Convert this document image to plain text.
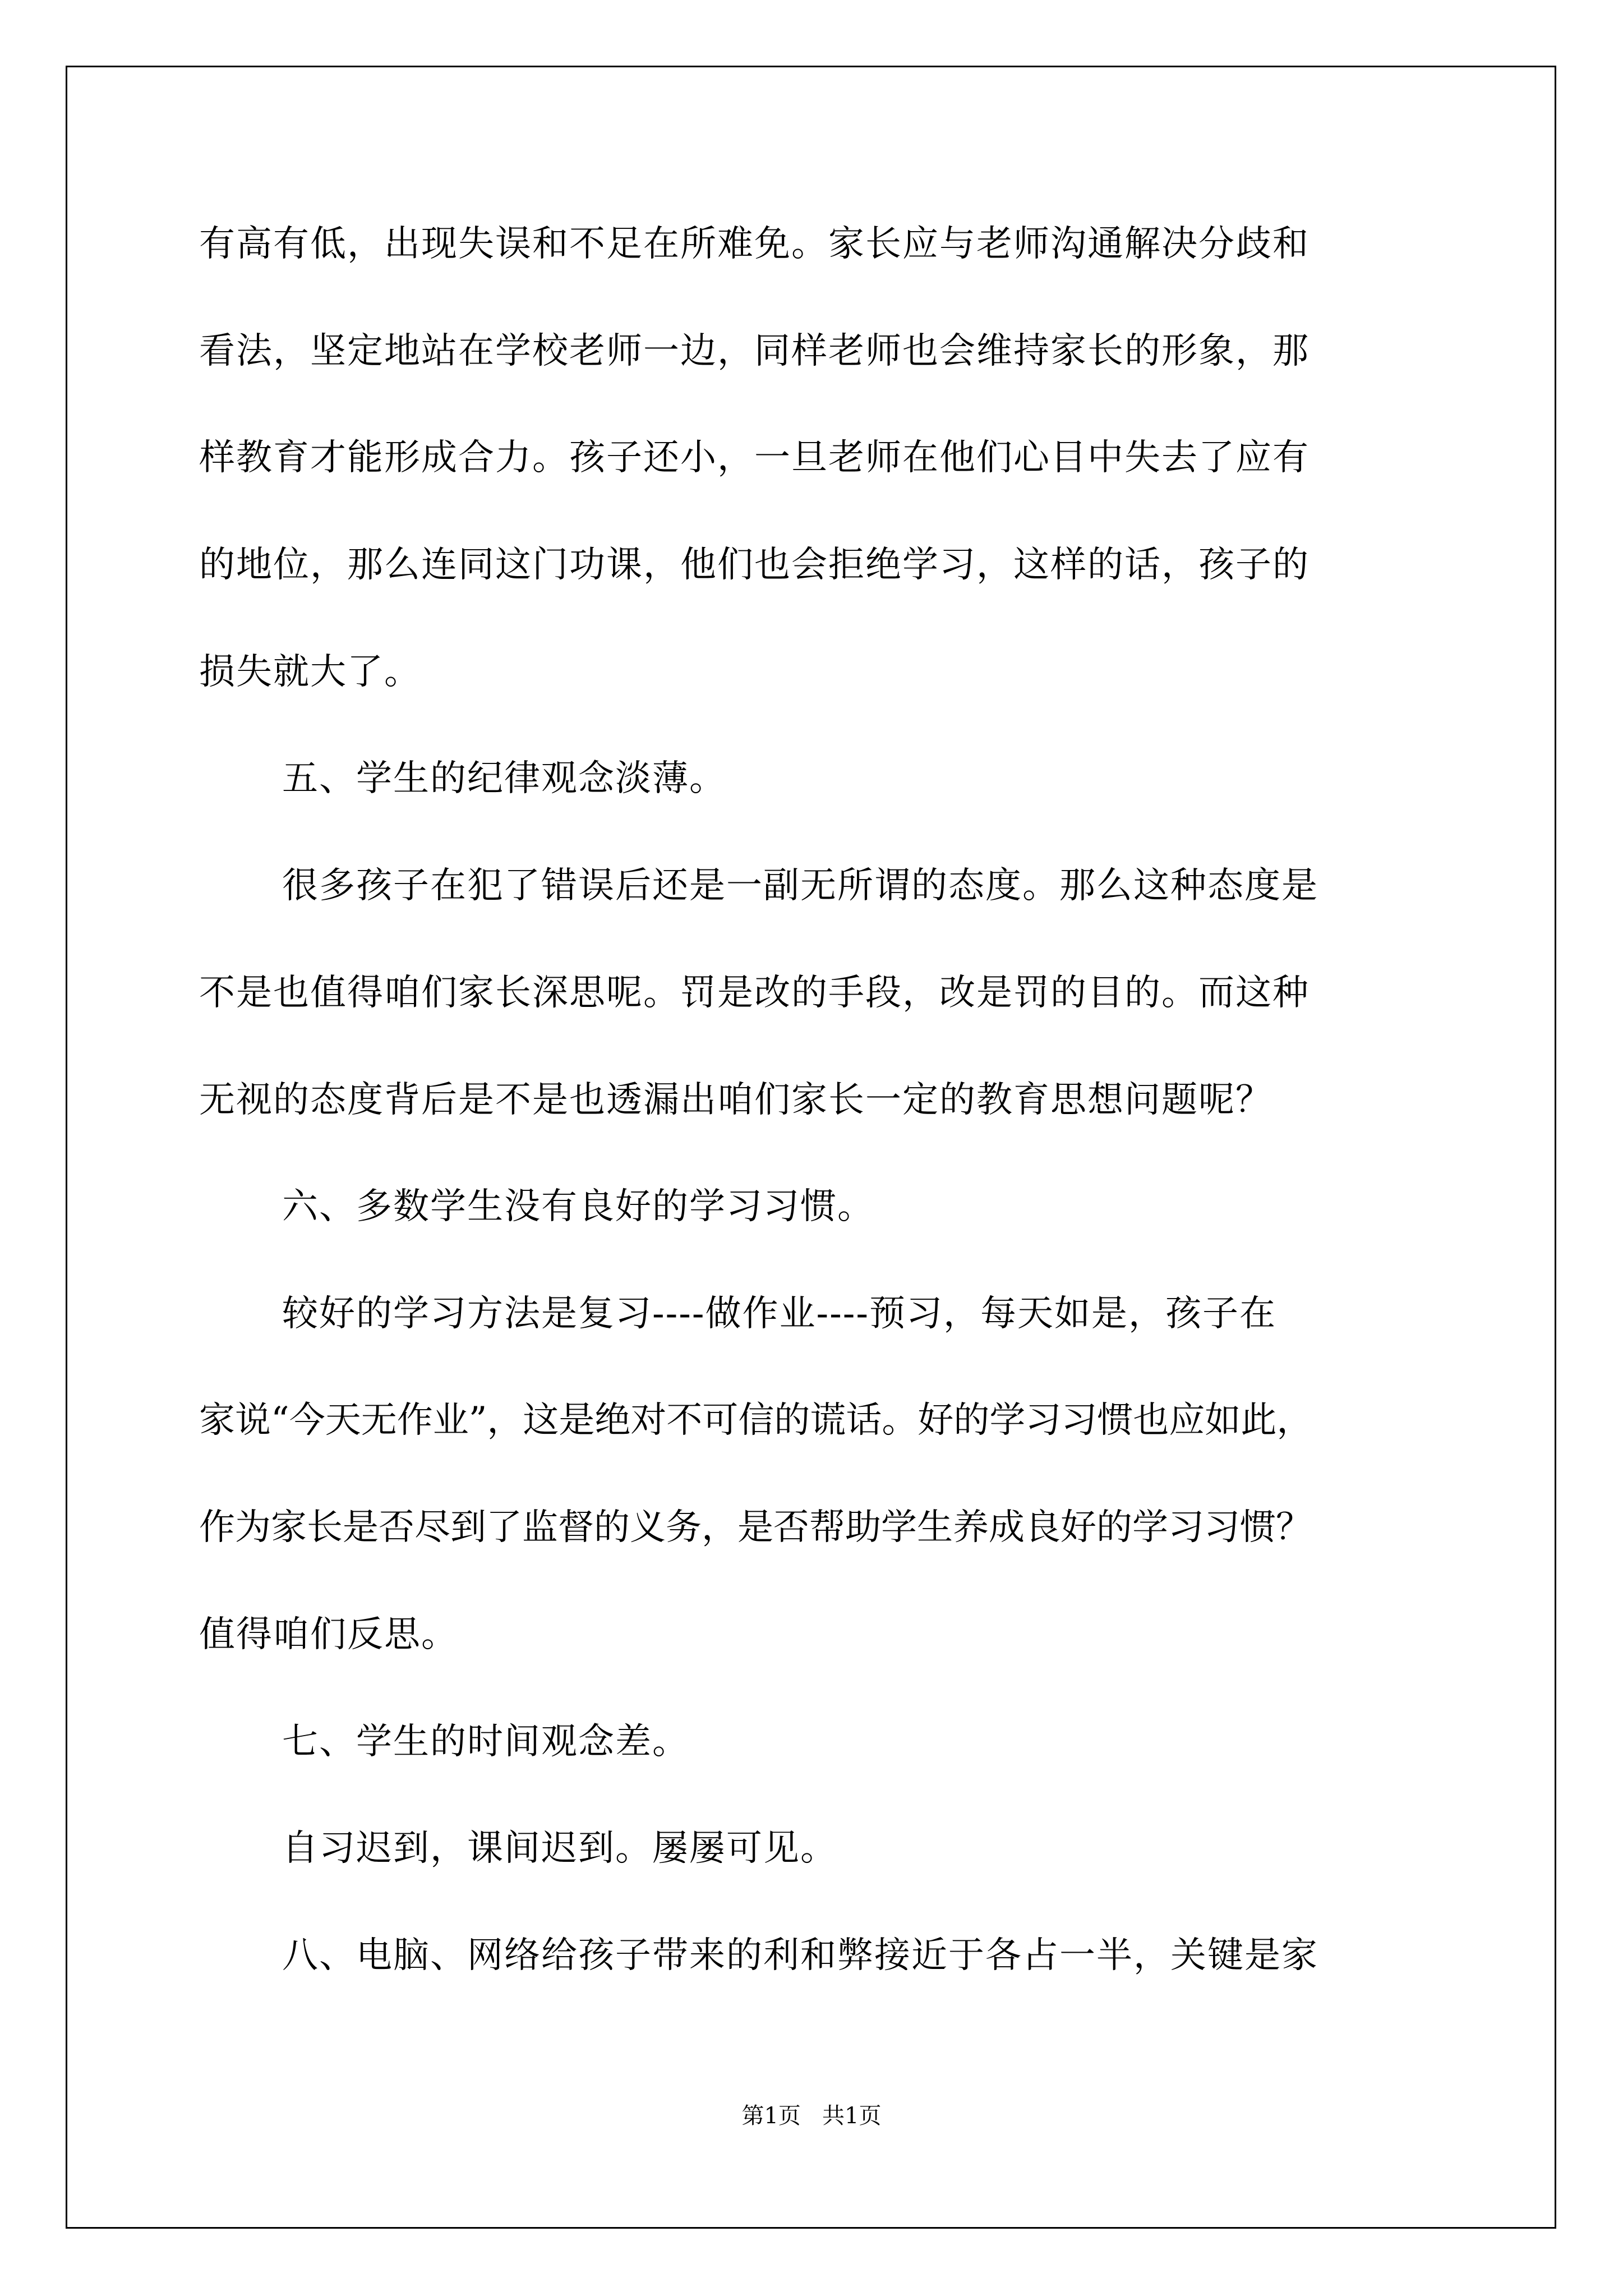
有高有低，出现失误和不足在所难免。家长应与老师沟通解决分歧和
看法，坚定地站在学校老师一边，同样老师也会维持家长的形象，那
样教育才能形成合力。孩子还小，一旦老师在他们心目中失去了应有
的地位，那么连同这门功课，他们也会拒绝学习，这样的话，孩子的
损失就大了。
五、学生的纪律观念淡薄。
很多孩子在犯了错误后还是一副无所谓的态度。那么这种态度是
不是也值得咱们家长深思呢。罚是改的手段，改是罚的目的。而这种
无视的态度背后是不是也透漏出咱们家长一定的教育思想问题呢？
六、多数学生没有良好的学习习惯。
较好的学习方法是复习----做作业----预习，每天如是，孩子在
家说“今天无作业”，这是绝对不可信的谎话。好的学习习惯也应如此，
作为家长是否尽到了监督的义务，是否帮助学生养成良好的学习习惯？
值得咱们反思。
七、学生的时间观念差。
自习迟到，课间迟到。屡屡可见。
八、电脑、网络给孩子带来的利和弊接近于各占一半，关键是家
第1页   共1页
